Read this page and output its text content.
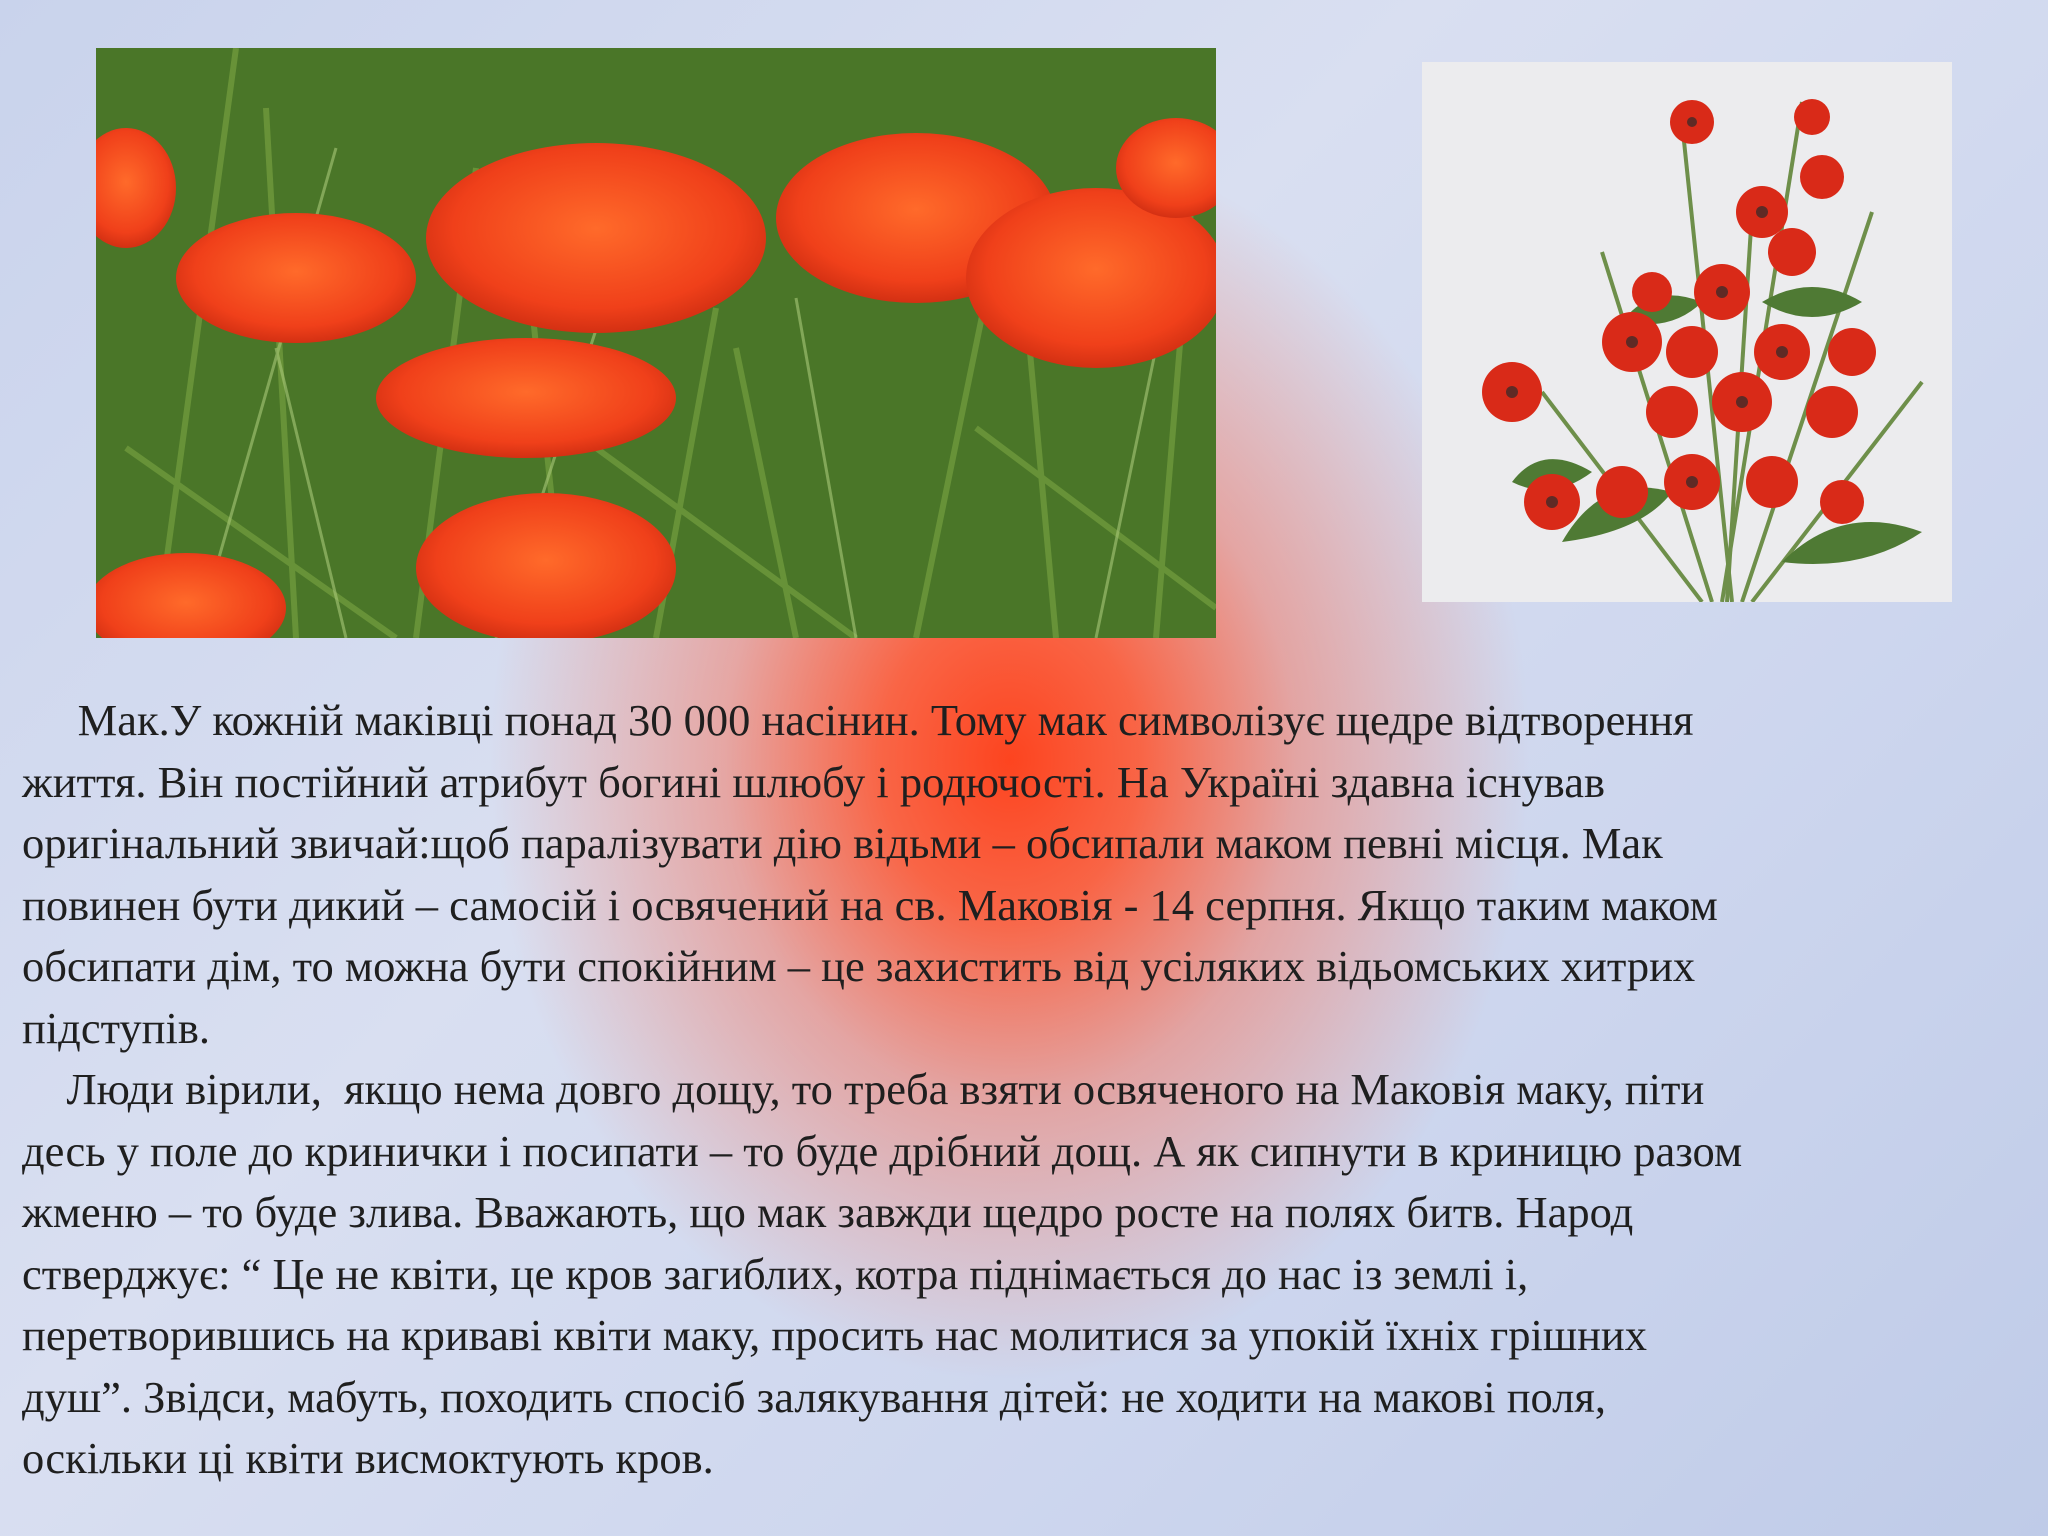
Мак.У кожній маківці понад 30 000 насінин. Тому мак символізує щедре відтворення

життя. Він постійний атрибут богині шлюбу і родючості. На Україні здавна існував

оригінальний звичай:щоб паралізувати дію відьми – обсипали маком певні місця. Мак

повинен бути дикий – самосій і освячений на св. Маковія - 14 серпня. Якщо таким маком

обсипати дім, то можна бути спокійним – це захистить від усіляких відьомських хитрих

підступів.

Люди вірили,  якщо нема довго дощу, то треба взяти освяченого на Маковія маку, піти

десь у поле до кринички і посипати – то буде дрібний дощ. А як сипнути в криницю разом

жменю – то буде злива. Вважають, що мак завжди щедро росте на полях битв. Народ

стверджує: “ Це не квіти, це кров загиблих, котра піднімається до нас із землі і,

перетворившись на криваві квіти маку, просить нас молитися за упокій їхніх грішних

душ”. Звідси, мабуть, походить спосіб залякування дітей: не ходити на макові поля,

оскільки ці квіти висмоктують кров.
